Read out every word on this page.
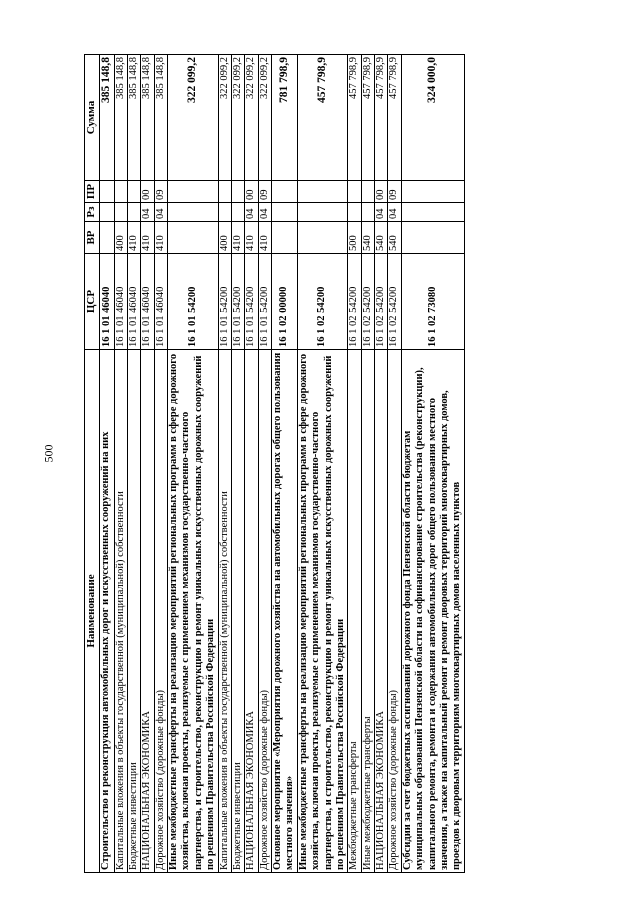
500
Наименование	ЦСР	ВР	Рз	ПР	Сумма
Строительство и реконструкция автомобильных дорог и искусственных сооружений на них	16 1 01 46040				385 148,8
Капитальные вложения в объекты государственной (муниципальной) собственности	16 1 01 46040	400			385 148,8
Бюджетные инвестиции	16 1 01 46040	410			385 148,8
НАЦИОНАЛЬНАЯ ЭКОНОМИКА	16 1 01 46040	410	04	00	385 148,8
Дорожное хозяйство (дорожные фонды)	16 1 01 46040	410	04	09	385 148,8
Иные межбюджетные трансферты на реализацию мероприятий региональных программ в сфере дорожного хозяйства, включая проекты, реализуемые с применением механизмов государственно-частного партнерства, и строительство, реконструкцию и ремонт уникальных искусственных дорожных сооружений по решениям Правительства Российской Федерации	16 1 01 54200				322 099,2
Капитальные вложения в объекты государственной (муниципальной) собственности	16 1 01 54200	400			322 099,2
Бюджетные инвестиции	16 1 01 54200	410			322 099,2
НАЦИОНАЛЬНАЯ ЭКОНОМИКА	16 1 01 54200	410	04	00	322 099,2
Дорожное хозяйство (дорожные фонды)	16 1 01 54200	410	04	09	322 099,2
Основное мероприятие «Мероприятия дорожного хозяйства на автомобильных дорогах общего пользования местного значения»	16 1 02 00000				781 798,9
Иные межбюджетные трансферты на реализацию мероприятий региональных программ в сфере дорожного хозяйства, включая проекты, реализуемые с применением механизмов государственно-частного партнерства, и строительство, реконструкцию и ремонт уникальных искусственных дорожных сооружений по решениям Правительства Российской Федерации	16 1 02 54200				457 798,9
Межбюджетные трансферты	16 1 02 54200	500			457 798,9
Иные межбюджетные трансферты	16 1 02 54200	540			457 798,9
НАЦИОНАЛЬНАЯ ЭКОНОМИКА	16 1 02 54200	540	04	00	457 798,9
Дорожное хозяйство (дорожные фонды)	16 1 02 54200	540	04	09	457 798,9
Субсидии за счет бюджетных ассигнований дорожного фонда Пензенской области бюджетам муниципальных образований Пензенской области на софинансирование строительства (реконструкции), капитального ремонта, ремонта и содержания автомобильных дорог общего пользования местного значения, а также на капитальный ремонт и ремонт дворовых территорий многоквартирных домов, проездов к дворовым территориям многоквартирных домов населенных пунктов	16 1 02 73080				324 000,0
